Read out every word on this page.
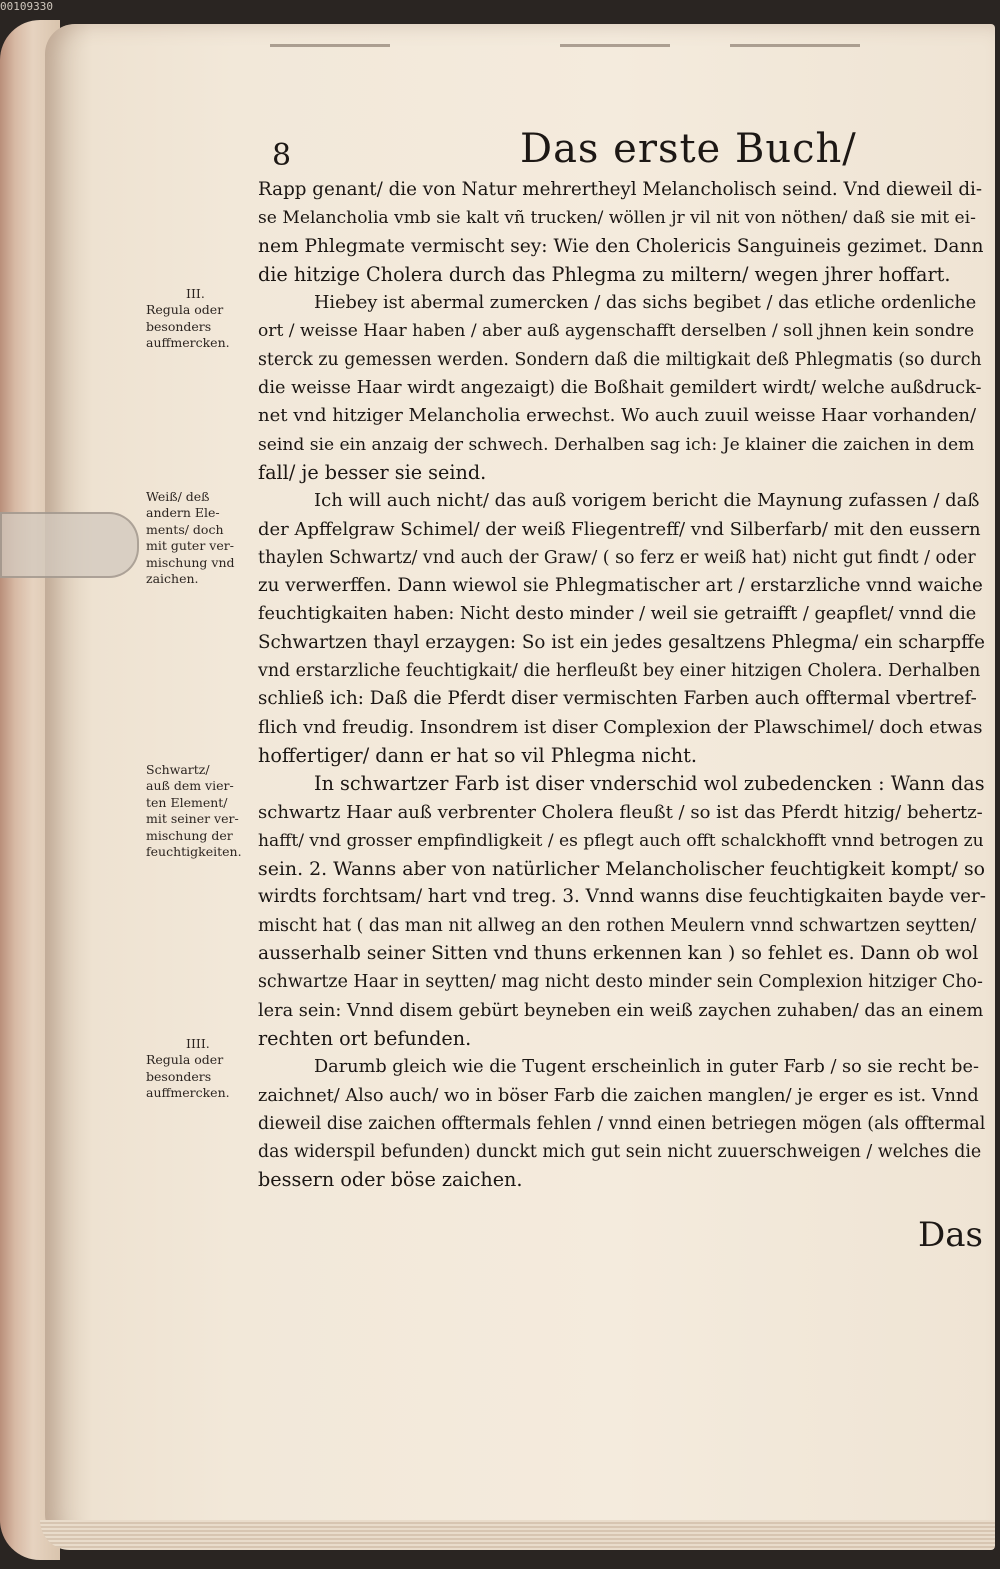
00109330
8	Das erste Buch/
III.
Regula oder
besonders
auffmercken.
Weiß/ deß
andern Ele-
ments/ doch
mit guter ver-
mischung vnd
zaichen.
Schwartz/
auß dem vier-
ten Element/
mit seiner ver-
mischung der
feuchtigkeiten.
IIII.
Regula oder
besonders
auffmercken.
Rapp genant/ die von Natur mehrertheyl Melancholisch seind. Vnd dieweil di-
se Melancholia vmb sie kalt vñ trucken/ wöllen jr vil nit von nöthen/ daß sie mit ei-
nem Phlegmate vermischt sey: Wie den Cholericis Sanguineis gezimet. Dann
die hitzige Cholera durch das Phlegma zu miltern/ wegen jhrer hoffart.
Hiebey ist abermal zumercken / das sichs begibet / das etliche ordenliche
ort / weisse Haar haben / aber auß aygenschafft derselben / soll jhnen kein sondre
sterck zu gemessen werden. Sondern daß die miltigkait deß Phlegmatis (so durch
die weisse Haar wirdt angezaigt) die Boßhait gemildert wirdt/ welche außdruck-
net vnd hitziger Melancholia erwechst. Wo auch zuuil weisse Haar vorhanden/
seind sie ein anzaig der schwech. Derhalben sag ich: Je klainer die zaichen in dem
fall/ je besser sie seind.
Ich will auch nicht/ das auß vorigem bericht die Maynung zufassen / daß
der Apffelgraw Schimel/ der weiß Fliegentreff/ vnd Silberfarb/ mit den eussern
thaylen Schwartz/ vnd auch der Graw/ ( so ferz er weiß hat) nicht gut findt / oder
zu verwerffen. Dann wiewol sie Phlegmatischer art / erstarzliche vnnd waiche
feuchtigkaiten haben: Nicht desto minder / weil sie getraifft / geapflet/ vnnd die
Schwartzen thayl erzaygen: So ist ein jedes gesaltzens Phlegma/ ein scharpffe
vnd erstarzliche feuchtigkait/ die herfleußt bey einer hitzigen Cholera. Derhalben
schließ ich: Daß die Pferdt diser vermischten Farben auch offtermal vbertref-
flich vnd freudig. Insondrem ist diser Complexion der Plawschimel/ doch etwas
hoffertiger/ dann er hat so vil Phlegma nicht.
In schwartzer Farb ist diser vnderschid wol zubedencken : Wann das
schwartz Haar auß verbrenter Cholera fleußt / so ist das Pferdt hitzig/ behertz-
hafft/ vnd grosser empfindligkeit / es pflegt auch offt schalckhofft vnnd betrogen zu
sein. 2. Wanns aber von natürlicher Melancholischer feuchtigkeit kompt/ so
wirdts forchtsam/ hart vnd treg. 3. Vnnd wanns dise feuchtigkaiten baydе ver-
mischt hat ( das man nit allweg an den rothen Meulern vnnd schwartzen seytten/
ausserhalb seiner Sitten vnd thuns erkennen kan ) so fehlet es. Dann ob wol
schwartze Haar in seytten/ mag nicht desto minder sein Complexion hitziger Cho-
lera sein: Vnnd disem gebürt beyneben ein weiß zaychen zuhaben/ das an einem
rechten ort befunden.
Darumb gleich wie die Tugent erscheinlich in guter Farb / so sie recht be-
zaichnet/ Also auch/ wo in böser Farb die zaichen manglen/ je erger es ist. Vnnd
dieweil dise zaichen offtermals fehlen / vnnd einen betriegen mögen (als offtermal
das widerspil befunden) dunckt mich gut sein nicht zuuerschweigen / welches die
bessern oder böse zaichen.
Das
